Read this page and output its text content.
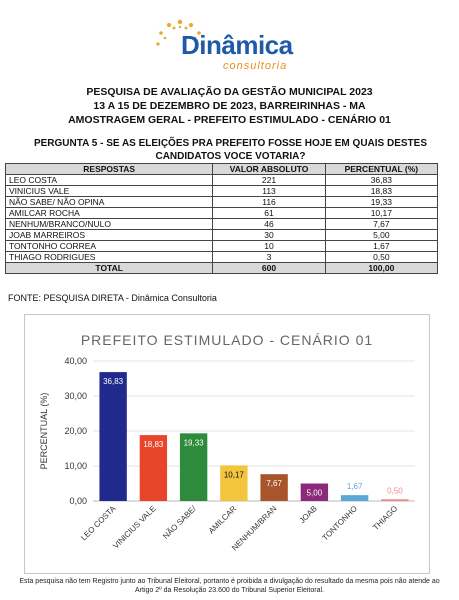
Dinâmica
consultoria
PESQUISA DE AVALIAÇÃO DA GESTÃO MUNICIPAL 2023
13 A 15 DE DEZEMBRO DE 2023, BARREIRINHAS - MA
AMOSTRAGEM GERAL - PREFEITO ESTIMULADO - CENÁRIO 01
PERGUNTA 5 - SE AS ELEIÇÕES PRA PREFEITO FOSSE HOJE EM QUAIS DESTES
CANDIDATOS VOCE VOTARIA?
RESPOSTAS	VALOR ABSOLUTO	PERCENTUAL (%)
LEO COSTA	221	36,83
VINICIUS VALE	113	18,83
NÃO SABE/ NÃO OPINA	116	19,33
AMILCAR ROCHA	61	10,17
NENHUM/BRANCO/NULO	46	7,67
JOAB MARREIROS	30	5,00
TONTONHO CORREA	10	1,67
THIAGO RODRIGUES	3	0,50
TOTAL	600	100,00
FONTE: PESQUISA DIRETA - Dinâmica Consultoria
PREFEITO ESTIMULADO - CENÁRIO 01
0,00
10,00
20,00
30,00
40,00
PERCENTUAL (%)
36,83
LEO COSTA
18,83
VINICIUS VALE
19,33
NÃO SABE/
10,17
AMILCAR
7,67
NENHUM/BRAN
5,00
JOAB
1,67
TONTONHO
0,50
THIAGO
Esta pesquisa não tem Registro junto ao Tribunal Eleitoral, portanto é proibida a divulgação do resultado da mesma pois não atende ao
Artigo 2º da Resolução 23.600 do Tribunal Superior Eleitoral.
